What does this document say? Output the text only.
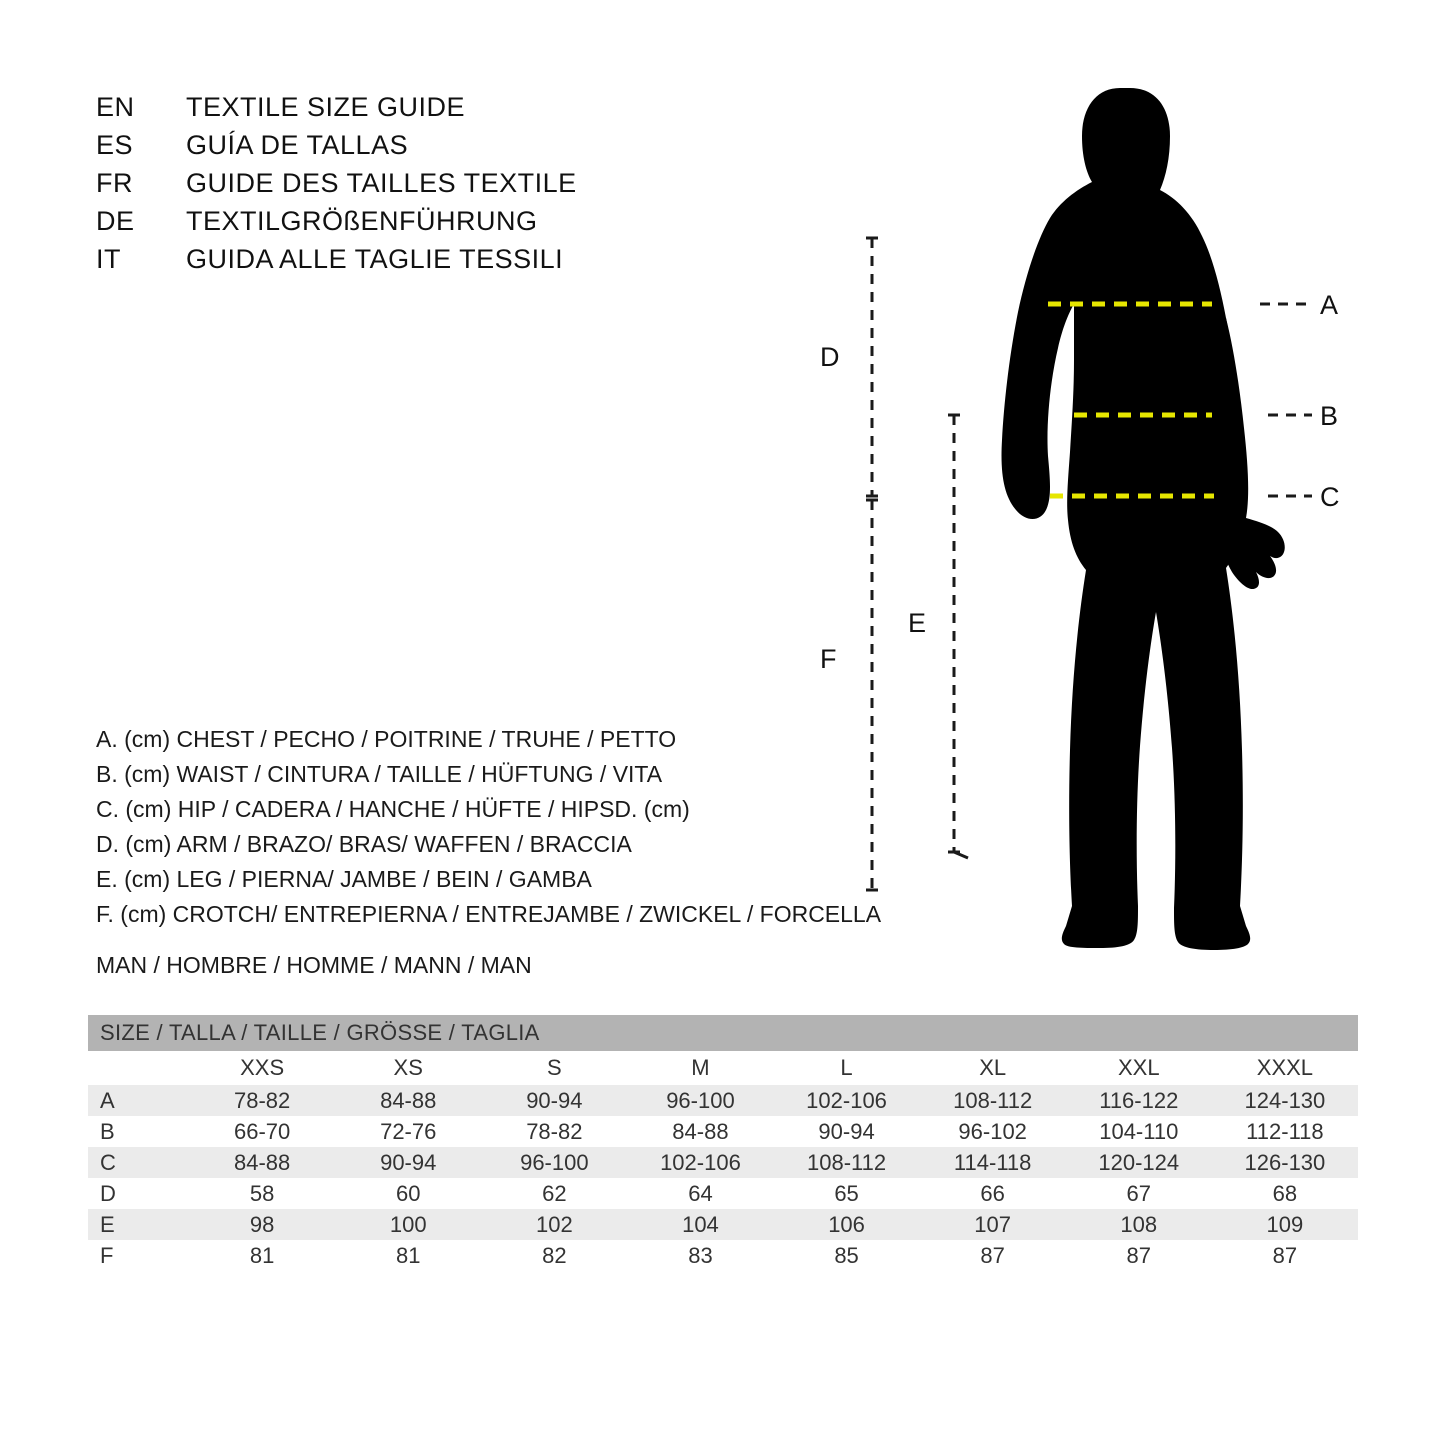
EN	TEXTILE SIZE GUIDE
ES	GUÍA DE TALLAS
FR	GUIDE DES TAILLES TEXTILE
DE	TEXTILGRÖßENFÜHRUNG
IT	GUIDA ALLE TAGLIE TESSILI
A. (cm) CHEST / PECHO / POITRINE / TRUHE / PETTO
B. (cm) WAIST / CINTURA / TAILLE / HÜFTUNG / VITA
C. (cm) HIP / CADERA / HANCHE / HÜFTE / HIPSD. (cm)
D. (cm) ARM / BRAZO/ BRAS/ WAFFEN / BRACCIA
E. (cm) LEG / PIERNA/ JAMBE / BEIN / GAMBA
F. (cm) CROTCH/ ENTREPIERNA / ENTREJAMBE / ZWICKEL / FORCELLA
MAN / HOMBRE / HOMME / MANN / MAN
A
B
C
D
F
E
SIZE / TALLA / TAILLE / GRÖSSE / TAGLIA								
	XXS	XS	S	M	L	XL	XXL	XXXL
A	78-82	84-88	90-94	96-100	102-106	108-112	116-122	124-130
B	66-70	72-76	78-82	84-88	90-94	96-102	104-110	112-118
C	84-88	90-94	96-100	102-106	108-112	114-118	120-124	126-130
D	58	60	62	64	65	66	67	68
E	98	100	102	104	106	107	108	109
F	81	81	82	83	85	87	87	87
